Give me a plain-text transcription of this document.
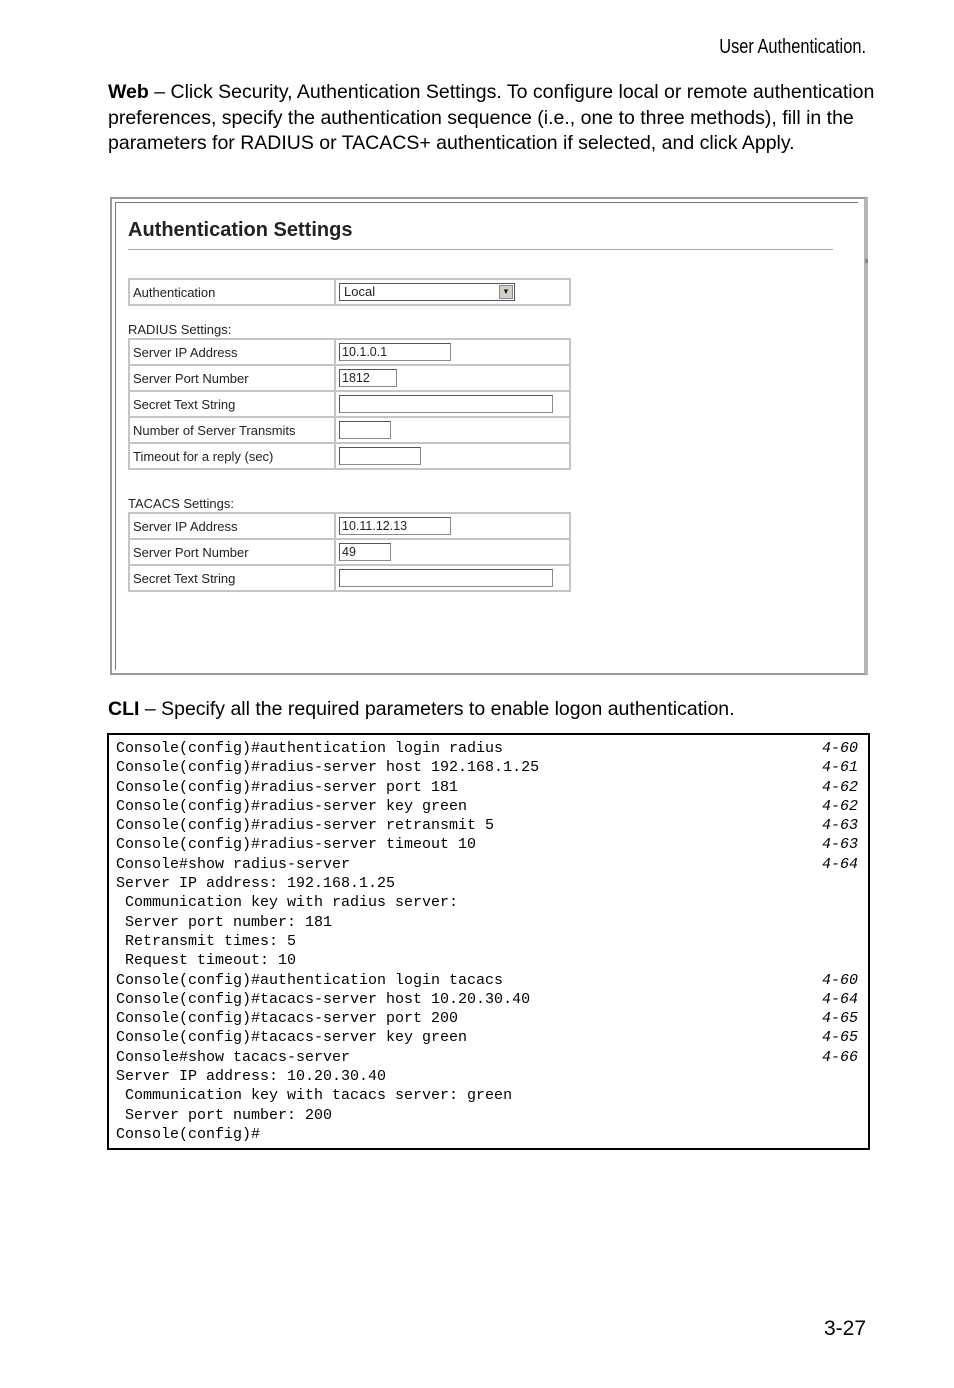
User Authentication.
Web – Click Security, Authentication Settings. To configure local or remote authentication preferences, specify the authentication sequence (i.e., one to three methods), fill in the parameters for RADIUS or TACACS+ authentication if selected, and click Apply.
Authentication Settings
Authentication	Local	▼
RADIUS Settings:
Server IP Address	10.1.0.1
Server Port Number	1812
Secret Text String	
Number of Server Transmits	
Timeout for a reply (sec)	
TACACS Settings:
Server IP Address	10.11.12.13
Server Port Number	49
Secret Text String	
CLI – Specify all the required parameters to enable logon authentication.
Console(config)#authentication login radius	4-60
Console(config)#radius-server host 192.168.1.25	4-61
Console(config)#radius-server port 181	4-62
Console(config)#radius-server key green	4-62
Console(config)#radius-server retransmit 5	4-63
Console(config)#radius-server timeout 10	4-63
Console#show radius-server	4-64
Server IP address: 192.168.1.25
Communication key with radius server:
Server port number: 181
Retransmit times: 5
Request timeout: 10
Console(config)#authentication login tacacs	4-60
Console(config)#tacacs-server host 10.20.30.40	4-64
Console(config)#tacacs-server port 200	4-65
Console(config)#tacacs-server key green	4-65
Console#show tacacs-server	4-66
Server IP address: 10.20.30.40
Communication key with tacacs server: green
Server port number: 200
Console(config)#
3-27
